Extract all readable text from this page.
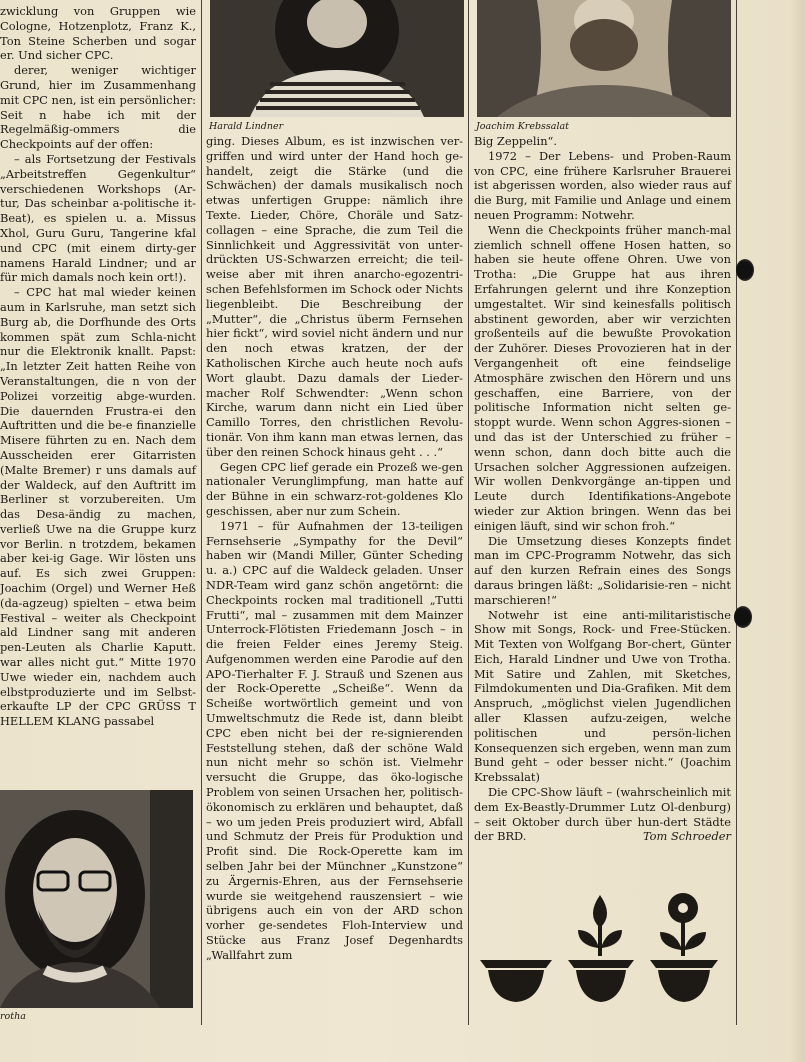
Harald Lindner	Joachim Krebssalat
rotha

zwicklung von Gruppen wie Cologne, Hotzenplotz, Franz K., Ton Steine Scherben und sogar er. Und sicher CPC.

derer, weniger wichtiger Grund, hier im Zusammenhang mit CPC nen, ist ein persönlicher: Seit n habe ich mit der Regelmäßig-ommers die Checkpoints auf der offen:

– als Fortsetzung der Festivals „Arbeitstreffen Gegenkultur“ verschiedenen Workshops (Ar-tur, Das scheinbar a-politische it-Beat), es spielen u. a. Missus Xhol, Guru Guru, Tangerine kfal und CPC (mit einem dirty-ger namens Harald Lindner; und ar für mich damals noch kein ort!).

– CPC hat mal wieder keinen aum in Karlsruhe, man setzt sich Burg ab, die Dorfhunde des Orts kommen spät zum Schla-nicht nur die Elektronik knallt. Papst: „In letzter Zeit hatten Reihe von Veranstaltungen, die n von der Polizei vorzeitig abge-wurden. Die dauernden Frustra-ei den Auftritten und die be-e finanzielle Misere führten zu en. Nach dem Ausscheiden erer Gitarristen (Malte Bremer) r uns damals auf der Waldeck, auf den Auftritt im Berliner st vorzubereiten. Um das Desa-ändig zu machen, verließ Uwe na die Gruppe kurz vor Berlin. n trotzdem, bekamen aber kei-ig Gage. Wir lösten uns auf. Es sich zwei Gruppen: Joachim (Orgel) und Werner Heß (da-agzeug) spielten – etwa beim Festival – weiter als Checkpoint ald Lindner sang mit anderen pen-Leuten als Charlie Kaputt. war alles nicht gut.“ Mitte 1970 Uwe wieder ein, nachdem auch elbstproduzierte und im Selbst-erkaufte LP der CPC GRÜSS T HELLEM KLANG passabel

ging. Dieses Album, es ist inzwischen ver-griffen und wird unter der Hand hoch ge-handelt, zeigt die Stärke (und die Schwächen) der damals musikalisch noch etwas unfertigen Gruppe: nämlich ihre Texte. Lieder, Chöre, Choräle und Satz-collagen – eine Sprache, die zum Teil die Sinnlichkeit und Aggressivität von unter-drückten US-Schwarzen erreicht; die teil-weise aber mit ihren anarcho-egozentri-schen Befehlsformen im Schock oder Nichts liegenbleibt. Die Beschreibung der „Mutter“, die „Christus überm Fernsehen hier fickt“, wird soviel nicht ändern und nur den noch etwas kratzen, der der Katholischen Kirche auch heute noch aufs Wort glaubt. Dazu damals der Lieder-macher Rolf Schwendter: „Wenn schon Kirche, warum dann nicht ein Lied über Camillo Torres, den christlichen Revolu-tionär. Von ihm kann man etwas lernen, das über den reinen Schock hinaus geht . . .“

Gegen CPC lief gerade ein Prozeß we-gen nationaler Verunglimpfung, man hatte auf der Bühne in ein schwarz-rot-goldenes Klo geschissen, aber nur zum Schein.

1971 – für Aufnahmen der 13-teiligen Fernsehserie „Sympathy for the Devil“ haben wir (Mandi Miller, Günter Scheding u. a.) CPC auf die Waldeck geladen. Unser NDR-Team wird ganz schön angetörnt: die Checkpoints rocken mal traditionell „Tutti Frutti“, mal – zusammen mit dem Mainzer Unterrock-Flötisten Friedemann Josch – in die freien Felder eines Jeremy Steig. Aufgenommen werden eine Parodie auf den APO-Tierhalter F. J. Strauß und Szenen aus der Rock-Operette „Scheiße“. Wenn da Scheiße wortwörtlich gemeint und von Umweltschmutz die Rede ist, dann bleibt CPC eben nicht bei der re-signierenden Feststellung stehen, daß der schöne Wald nun nicht mehr so schön ist. Vielmehr versucht die Gruppe, das öko-logische Problem von seinen Ursachen her, politisch-ökonomisch zu erklären und behauptet, daß – wo um jeden Preis produziert wird, Abfall und Schmutz der Preis für Produktion und Profit sind. Die Rock-Operette kam im selben Jahr bei der Münchner „Kunstzone“ zu Ärgernis-Ehren, aus der Fernsehserie wurde sie weitgehend rauszensiert – wie übrigens auch ein von der ARD schon vorher ge-sendetes Floh-Interview und Stücke aus Franz Josef Degenhardts „Wallfahrt zum

Big Zeppelin“.

1972 – Der Lebens- und Proben-Raum von CPC, eine frühere Karlsruher Brauerei ist abgerissen worden, also wieder raus auf die Burg, mit Familie und Anlage und einem neuen Programm: Notwehr.

Wenn die Checkpoints früher manch-mal ziemlich schnell offene Hosen hatten, so haben sie heute offene Ohren. Uwe von Trotha: „Die Gruppe hat aus ihren Erfahrungen gelernt und ihre Konzeption umgestaltet. Wir sind keinesfalls politisch abstinent geworden, aber wir verzichten großenteils auf die bewußte Provokation der Zuhörer. Dieses Provozieren hat in der Vergangenheit oft eine feindselige Atmosphäre zwischen den Hörern und uns geschaffen, eine Barriere, von der politische Information nicht selten ge-stoppt wurde. Wenn schon Aggres-sionen – und das ist der Unterschied zu früher – wenn schon, dann doch bitte auch die Ursachen solcher Aggressionen aufzeigen. Wir wollen Denkvorgänge an-tippen und Leute durch Identifikations-Angebote wieder zur Aktion bringen. Wenn das bei einigen läuft, sind wir schon froh.“

Die Umsetzung dieses Konzepts findet man im CPC-Programm Notwehr, das sich auf den kurzen Refrain eines des Songs daraus bringen läßt: „Solidarisie-ren – nicht marschieren!“

Notwehr ist eine anti-militaristische Show mit Songs, Rock- und Free-Stücken. Mit Texten von Wolfgang Bor-chert, Günter Eich, Harald Lindner und Uwe von Trotha. Mit Satire und Zahlen, mit Sketches, Filmdokumenten und Dia-Grafiken. Mit dem Anspruch, „möglichst vielen Jugendlichen aller Klassen aufzu-zeigen, welche politischen und persön-lichen Konsequenzen sich ergeben, wenn man zum Bund geht – oder besser nicht.“ (Joachim Krebssalat)

Die CPC-Show läuft – (wahrscheinlich mit dem Ex-Beastly-Drummer Lutz Ol-denburg) – seit Oktober durch über hun-dert Städte der BRD.	Tom Schroeder
